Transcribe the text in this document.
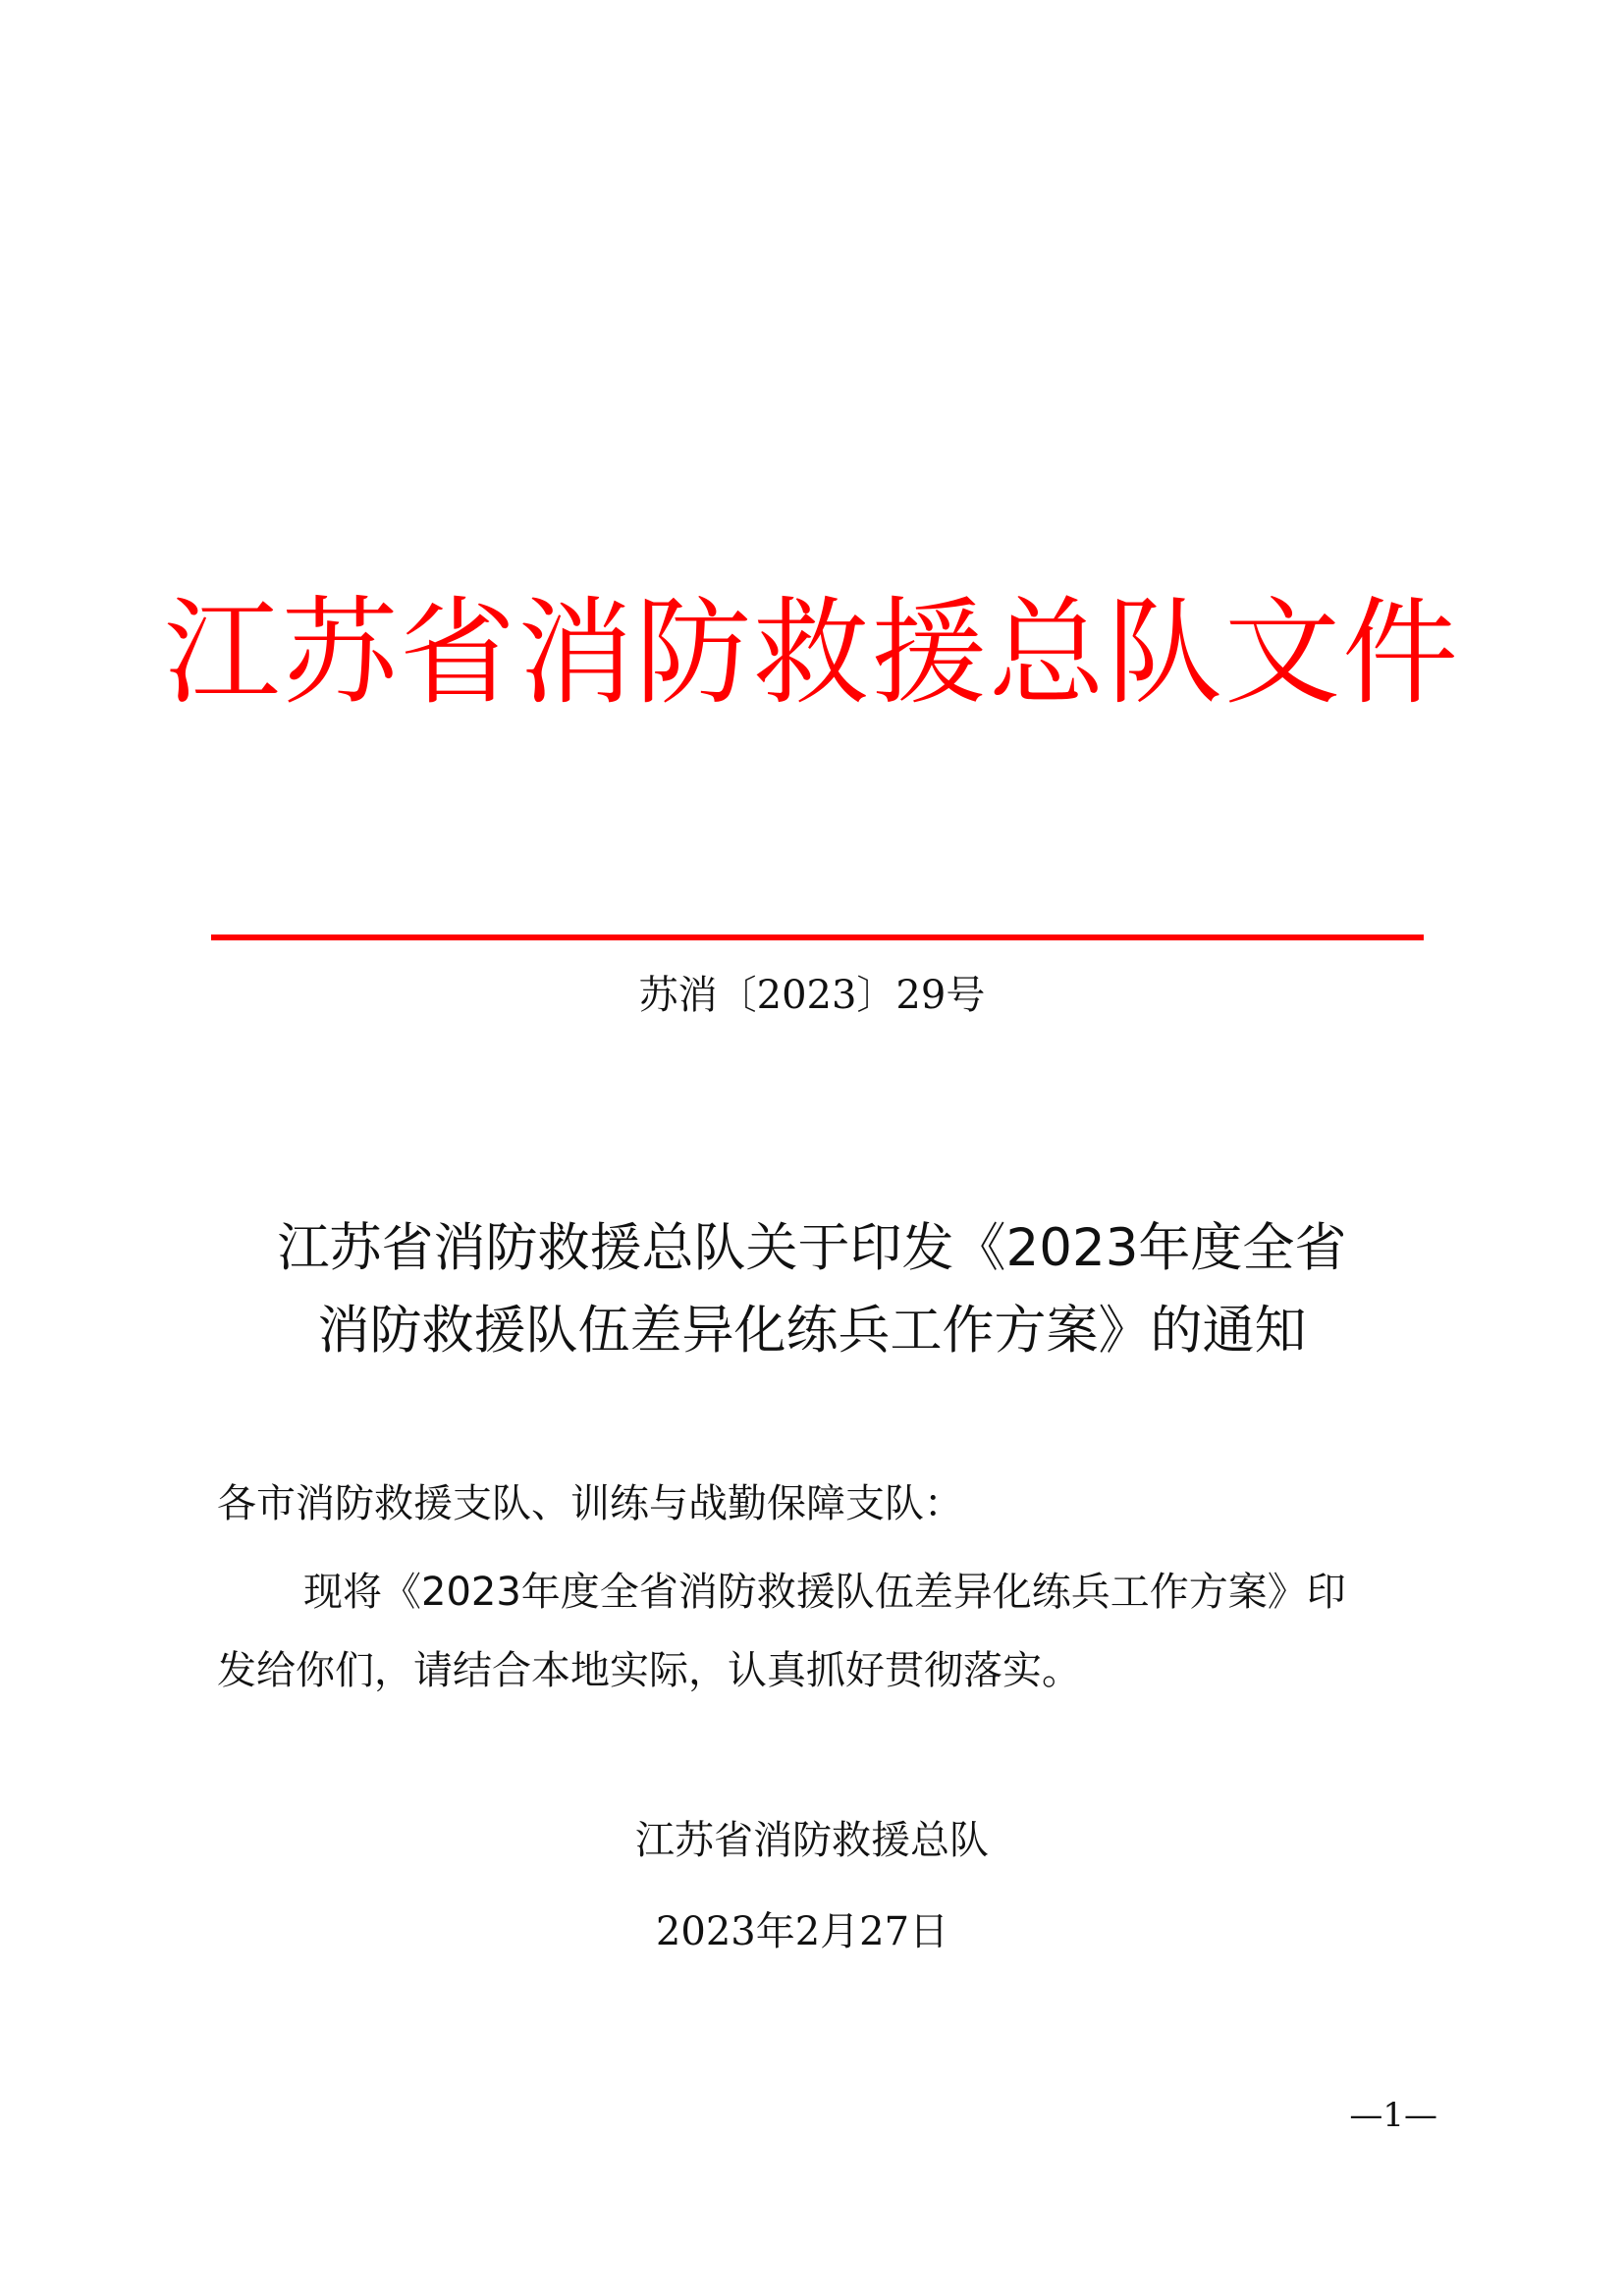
江苏省消防救援总队文件
苏消〔2023〕29号
江苏省消防救援总队关于印发《2023年度全省
消防救援队伍差异化练兵工作方案》的通知
各市消防救援支队、训练与战勤保障支队：
现将《2023年度全省消防救援队伍差异化练兵工作方案》印
发给你们，请结合本地实际，认真抓好贯彻落实。
江苏省消防救援总队
2023年2月27日
—1—
